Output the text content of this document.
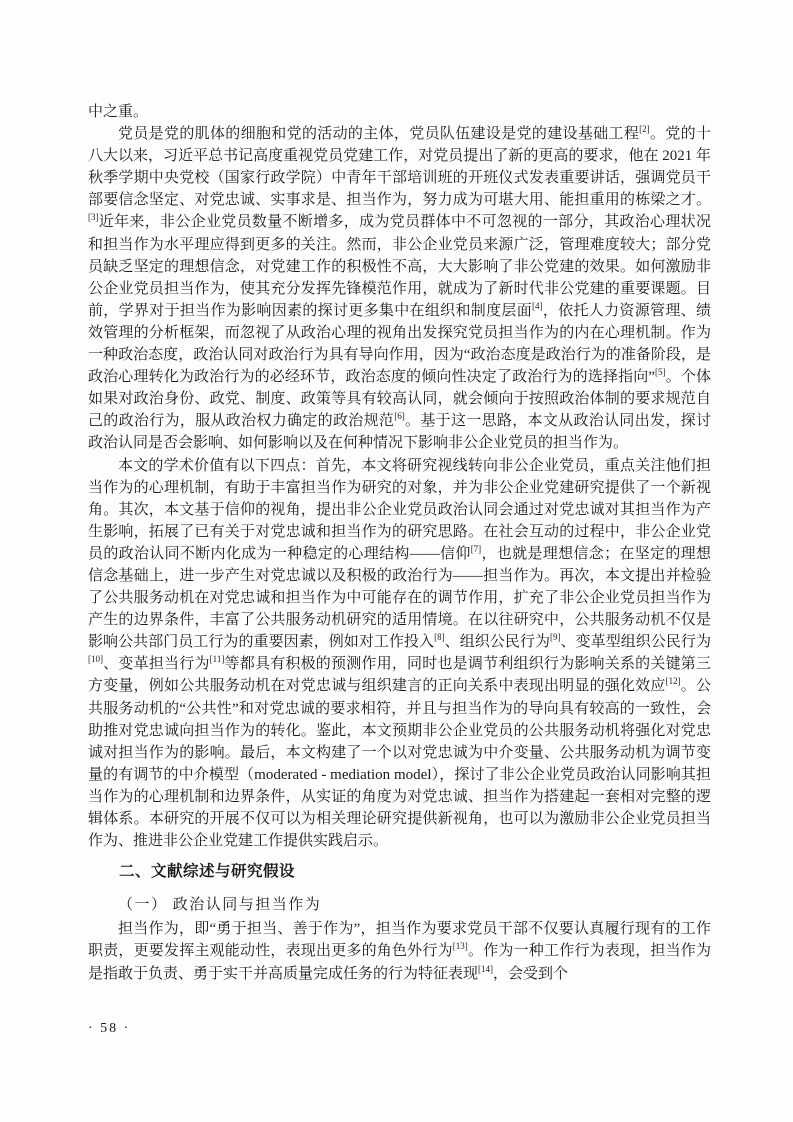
中之重。

党员是党的肌体的细胞和党的活动的主体，党员队伍建设是党的建设基础工程[2]。党的十八大以来，习近平总书记高度重视党员党建工作，对党员提出了新的更高的要求，他在 2021 年秋季学期中央党校（国家行政学院）中青年干部培训班的开班仪式发表重要讲话，强调党员干部要信念坚定、对党忠诚、实事求是、担当作为，努力成为可堪大用、能担重用的栋梁之才。[3]近年来，非公企业党员数量不断增多，成为党员群体中不可忽视的一部分，其政治心理状况和担当作为水平理应得到更多的关注。然而，非公企业党员来源广泛，管理难度较大；部分党员缺乏坚定的理想信念，对党建工作的积极性不高，大大影响了非公党建的效果。如何激励非公企业党员担当作为，使其充分发挥先锋模范作用，就成为了新时代非公党建的重要课题。目前，学界对于担当作为影响因素的探讨更多集中在组织和制度层面[4]，依托人力资源管理、绩效管理的分析框架，而忽视了从政治心理的视角出发探究党员担当作为的内在心理机制。作为一种政治态度，政治认同对政治行为具有导向作用，因为“政治态度是政治行为的准备阶段，是政治心理转化为政治行为的必经环节，政治态度的倾向性决定了政治行为的选择指向”[5]。个体如果对政治身份、政党、制度、政策等具有较高认同，就会倾向于按照政治体制的要求规范自己的政治行为，服从政治权力确定的政治规范[6]。基于这一思路，本文从政治认同出发，探讨政治认同是否会影响、如何影响以及在何种情况下影响非公企业党员的担当作为。

本文的学术价值有以下四点：首先，本文将研究视线转向非公企业党员，重点关注他们担当作为的心理机制，有助于丰富担当作为研究的对象，并为非公企业党建研究提供了一个新视角。其次，本文基于信仰的视角，提出非公企业党员政治认同会通过对党忠诚对其担当作为产生影响，拓展了已有关于对党忠诚和担当作为的研究思路。在社会互动的过程中，非公企业党员的政治认同不断内化成为一种稳定的心理结构——信仰[7]，也就是理想信念；在坚定的理想信念基础上，进一步产生对党忠诚以及积极的政治行为——担当作为。再次，本文提出并检验了公共服务动机在对党忠诚和担当作为中可能存在的调节作用，扩充了非公企业党员担当作为产生的边界条件，丰富了公共服务动机研究的适用情境。在以往研究中，公共服务动机不仅是影响公共部门员工行为的重要因素，例如对工作投入[8]、组织公民行为[9]、变革型组织公民行为[10]、变革担当行为[11]等都具有积极的预测作用，同时也是调节利组织行为影响关系的关键第三方变量，例如公共服务动机在对党忠诚与组织建言的正向关系中表现出明显的强化效应[12]。公共服务动机的“公共性”和对党忠诚的要求相符，并且与担当作为的导向具有较高的一致性，会助推对党忠诚向担当作为的转化。鉴此，本文预期非公企业党员的公共服务动机将强化对党忠诚对担当作为的影响。最后，本文构建了一个以对党忠诚为中介变量、公共服务动机为调节变量的有调节的中介模型（moderated - mediation model），探讨了非公企业党员政治认同影响其担当作为的心理机制和边界条件，从实证的角度为对党忠诚、担当作为搭建起一套相对完整的逻辑体系。本研究的开展不仅可以为相关理论研究提供新视角，也可以为激励非公企业党员担当作为、推进非公企业党建工作提供实践启示。

二、文献综述与研究假设
（一） 政治认同与担当作为

担当作为，即“勇于担当、善于作为”，担当作为要求党员干部不仅要认真履行现有的工作职责，更要发挥主观能动性，表现出更多的角色外行为[13]。作为一种工作行为表现，担当作为是指敢于负责、勇于实干并高质量完成任务的行为特征表现[14]，会受到个

· 58 ·
